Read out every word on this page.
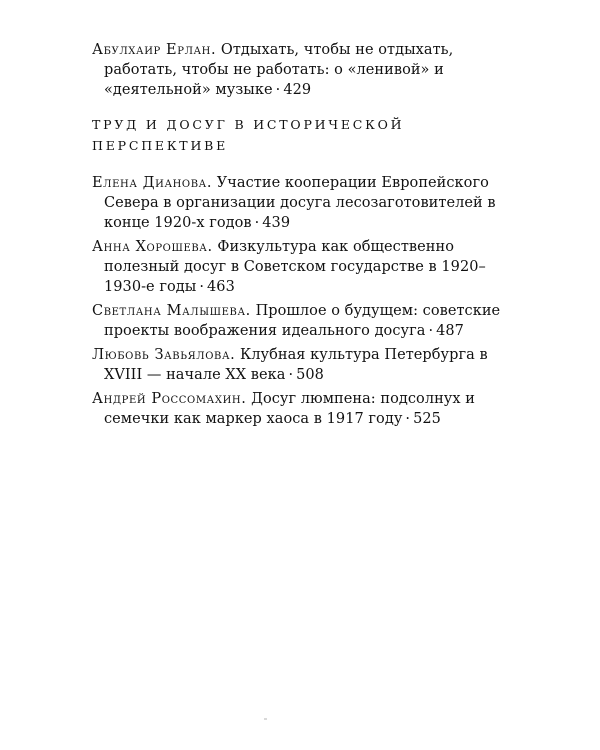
Абулхаир Ерлан. Отдыхать, чтобы не отдыхать, работать, чтобы не работать: о «ленивой» и «деятельной» музыке · 429

ТРУД И ДОСУГ В ИСТОРИЧЕСКОЙ ПЕРСПЕКТИВЕ

Елена Дианова. Участие кооперации Европейского Севера в организации досуга лесозаготовителей в конце 1920-х годов · 439

Анна Хорошева. Физкультура как общественно полезный досуг в Советском государстве в 1920–1930-е годы · 463

Светлана Малышева. Прошлое о будущем: советские проекты воображения идеального досуга · 487

Любовь Завьялова. Клубная культура Петербурга в XVIII — начале XX века · 508

Андрей Россомахин. Досуг люмпена: подсолнух и семечки как маркер хаоса в 1917 году · 525
